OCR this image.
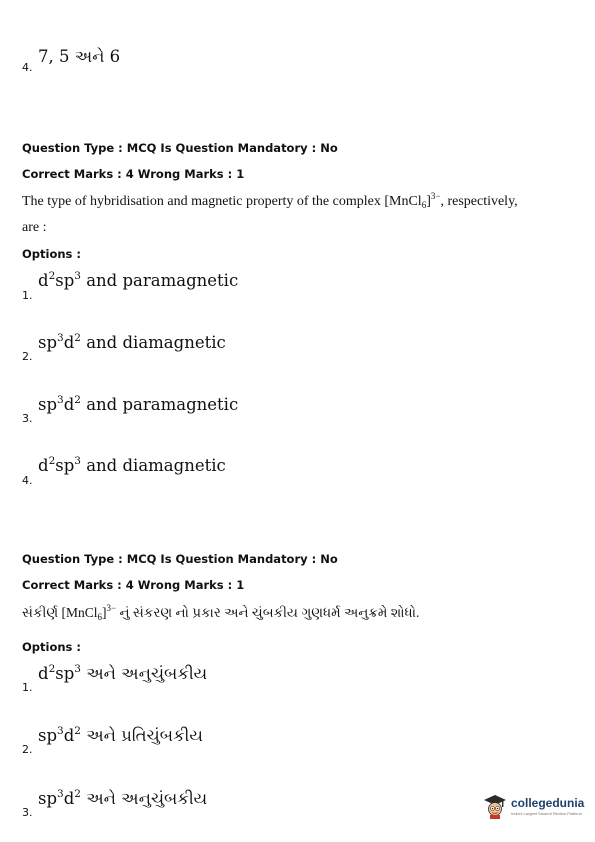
4.
7, 5 અને 6
Question Type : MCQ Is Question Mandatory : No
Correct Marks : 4 Wrong Marks : 1
The type of hybridisation and magnetic property of the complex [MnCl$_6$]$^{3-}$, respectively,
are :
Options :
1.
$d^2sp^3$ and paramagnetic
2.
$sp^3d^2$ and diamagnetic
3.
$sp^3d^2$ and paramagnetic
4.
$d^2sp^3$ and diamagnetic
Question Type : MCQ Is Question Mandatory : No
Correct Marks : 4 Wrong Marks : 1
સંકીર્ણ [MnCl$_6$]$^{3-}$ નું સંકરણ નો પ્રકાર અને ચુંબકીય ગુણધર્મ અનુક્રમે શોધો.
Options :
1.
$d^2sp^3$ અને અનુચુંબકીય
2.
$sp^3d^2$ અને પ્રતિચુંબકીય
3.
$sp^3d^2$ અને અનુચુંબકીય	collegedunia
India's Largest Student Review Platform
